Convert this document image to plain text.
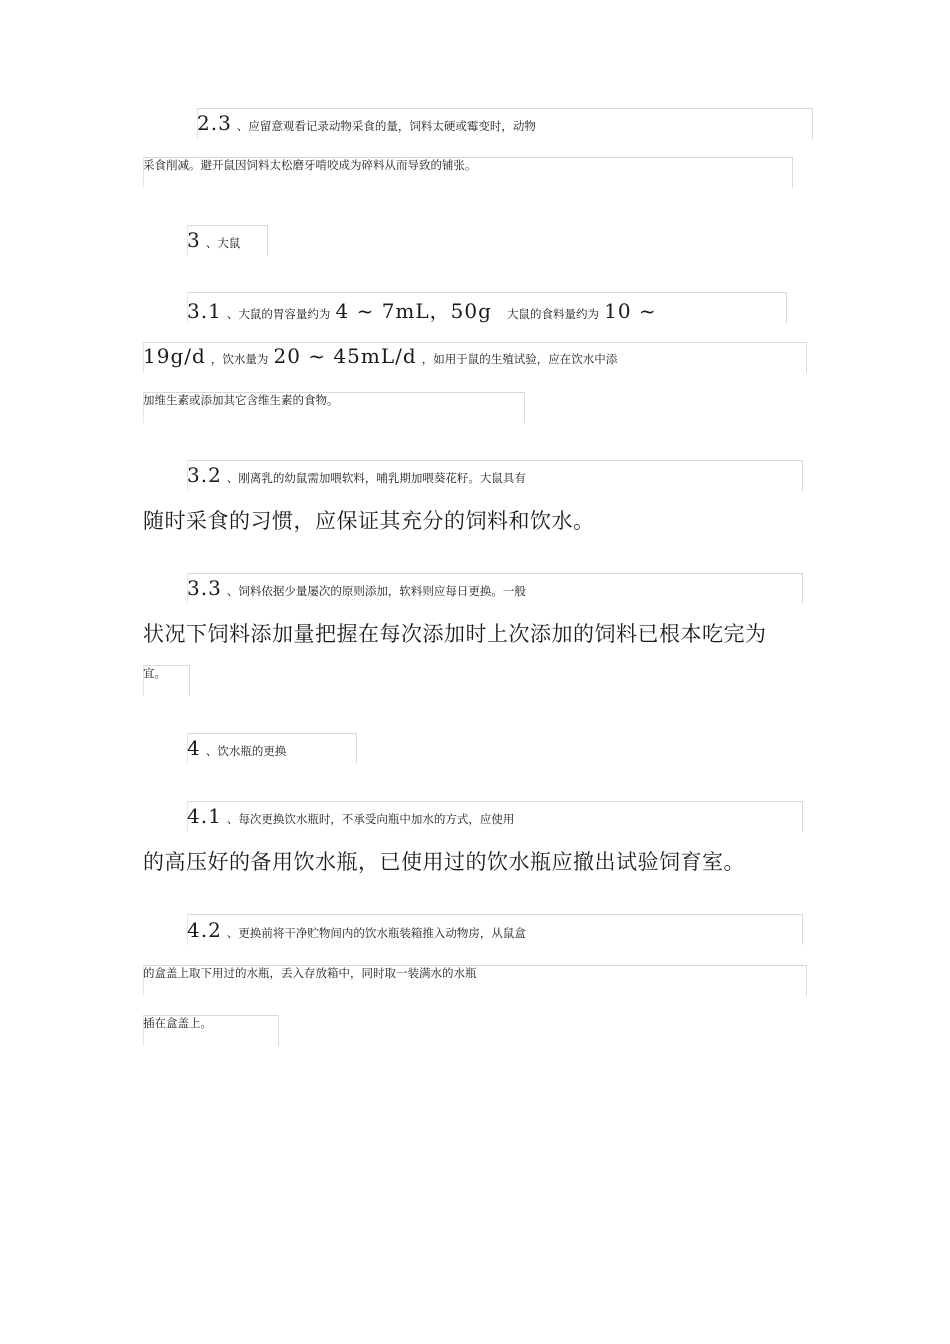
2.3 、应留意观看记录动物采食的量，饲料太硬或霉变时，动物
采食削减。避开鼠因饲料太松磨牙啃咬成为碎料从而导致的铺张。
3 、大鼠
3.1 、大鼠的胃容量约为 4 ~ 7mL，50g 大鼠的食料量约为 10 ~
19g/d ，饮水量为 20 ~ 45mL/d ，如用于鼠的生殖试验，应在饮水中添
加维生素或添加其它含维生素的食物。
3.2 、刚离乳的幼鼠需加喂软料，哺乳期加喂葵花籽。大鼠具有
随时采食的习惯，应保证其充分的饲料和饮水。
3.3 、饲料依据少量屡次的原则添加，软料则应每日更换。一般
状况下饲料添加量把握在每次添加时上次添加的饲料已根本吃完为
宜。
4 、饮水瓶的更换
4.1 、每次更换饮水瓶时，不承受向瓶中加水的方式，应使用
的高压好的备用饮水瓶，已使用过的饮水瓶应撤出试验饲育室。
4.2 、更换前将干净贮物间内的饮水瓶装箱推入动物房，从鼠盒
的盒盖上取下用过的水瓶，丢入存放箱中，同时取一装满水的水瓶
插在盒盖上。
